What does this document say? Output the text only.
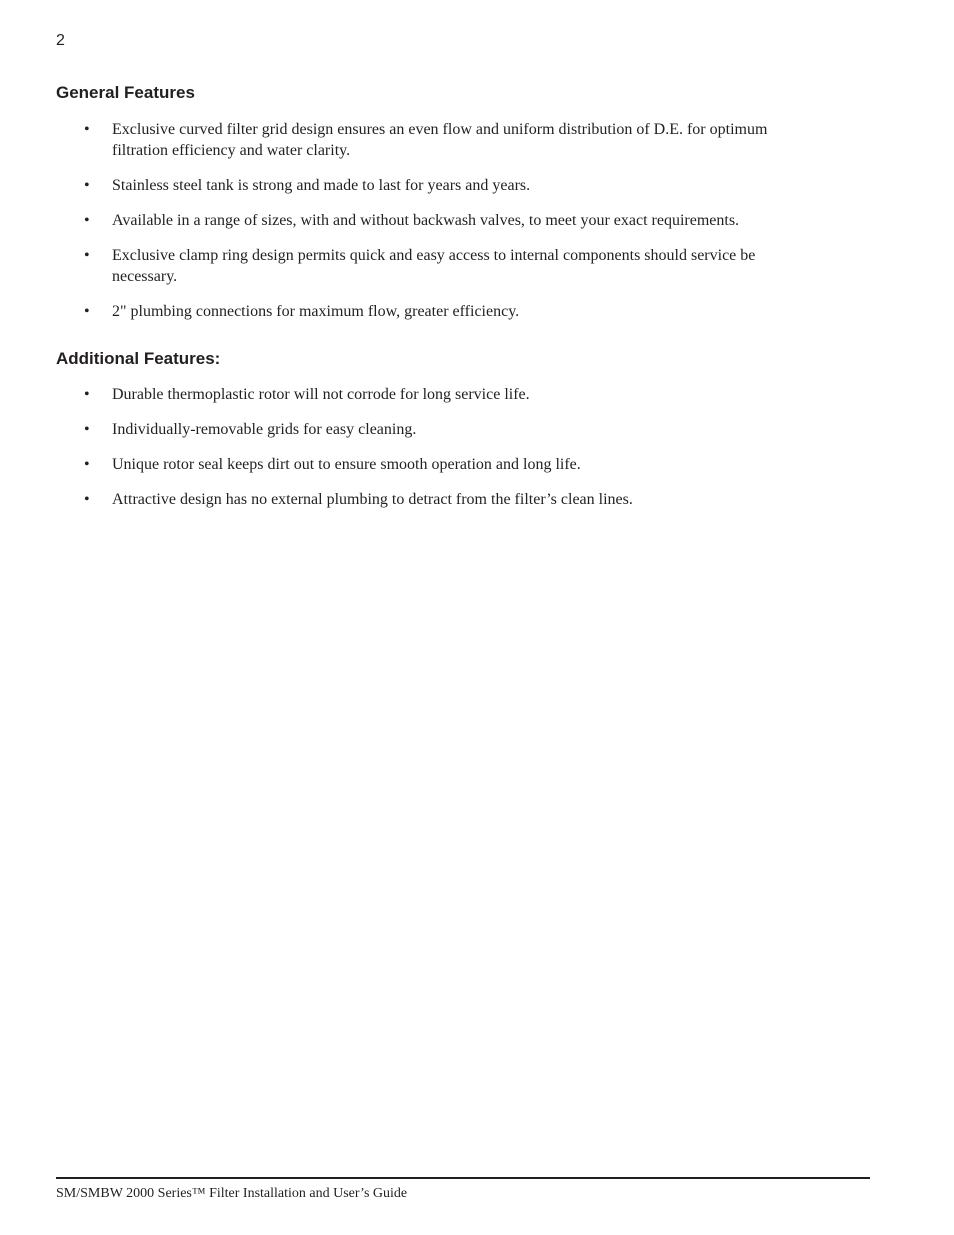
2
General Features
• Exclusive curved filter grid design ensures an even flow and uniform distribution of D.E. for optimum filtration efficiency and water clarity.
• Stainless steel tank is strong and made to last for years and years.
• Available in a range of sizes, with and without backwash valves, to meet your exact requirements.
• Exclusive clamp ring design permits quick and easy access to internal components should service be necessary.
• 2" plumbing connections for maximum flow, greater efficiency.
Additional Features:
• Durable thermoplastic rotor will not corrode for long service life.
• Individually-removable grids for easy cleaning.
• Unique rotor seal keeps dirt out to ensure smooth operation and long life.
• Attractive design has no external plumbing to detract from the filter’s clean lines.
SM/SMBW 2000 Series™ Filter Installation and User’s Guide
